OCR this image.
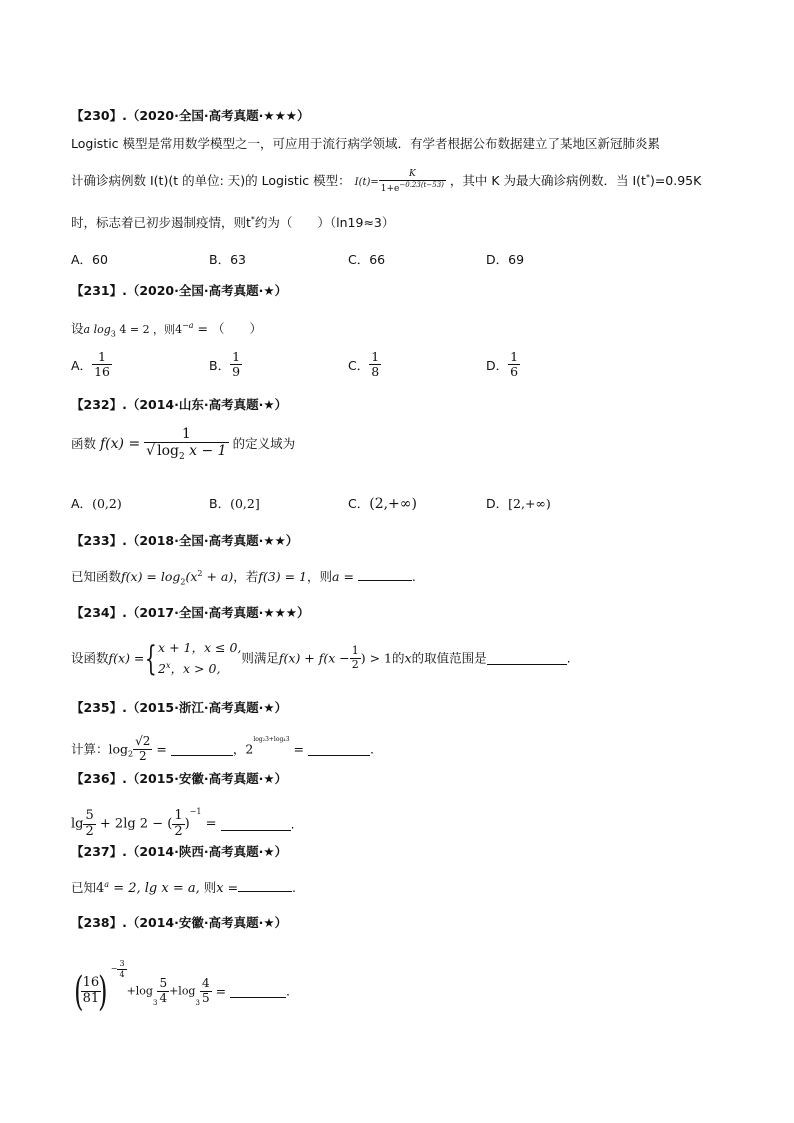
【230】.（2020·全国·高考真题·★★★）
Logistic 模型是常用数学模型之一，可应用于流行病学领域．有学者根据公布数据建立了某地区新冠肺炎累
计确诊病例数 I(t)(t 的单位: 天)的 Logistic 模型： $I(t)= \frac{K}{1+e^{-0.23(t-53)}}$ ，其中 K 为最大确诊病例数．当 I(t*)=0.95K
时，标志着已初步遏制疫情，则t*约为（　　）（ln19≈3）
A．60	B．63	C．66	D．69
【231】.（2020·全国·高考真题·★）
设a $\log_3 4 = 2$ ，则$4^{-a}$ = （　　）
A． $\frac{1}{16}$	B． $\frac{1}{9}$	C． $\frac{1}{8}$	D． $\frac{1}{6}$
【232】.（2014·山东·高考真题·★）
函数 $f(x) = \frac{1}{√ \log_2 x - 1}$ 的定义域为
A．(0,2)	B．(0,2]	C．(2,+∞)	D．[2,+∞)
【233】.（2018·全国·高考真题·★★）
已知函数$f(x) = \log_2(x^2 + a)$，若f(3) = 1，则a =	.
【234】.（2017·全国·高考真题·★★★）
设函数f(x) ={ x + 1，x ≤ 0,
2$^x$，x > 0,
则满足$f(x) + f(x - \frac{1}{2}$ ) > 1的x的取值范围是	.
【235】.（2015·浙江·高考真题·★）
计算：$\log_2 \frac{√2}{2}$ =	，$2^{log_23+log_43}$ =	.
【236】.（2015·安徽·高考真题·★）
$\lg \frac{5}{2} + 2\lg$ 2 − ( $\frac{1}{2} )^{-1}$ =	.
【237】.（2014·陕西·高考真题·★）
已知$4^a = 2$, lg x = a, 则x =	.
【238】.（2014·安徽·高考真题·★）
(
$\frac{16}{81}$
) − $\frac{3}{4}$
$+\log_3 \frac{5}{4} +\log_3 \frac{4}{5}$ =	.
